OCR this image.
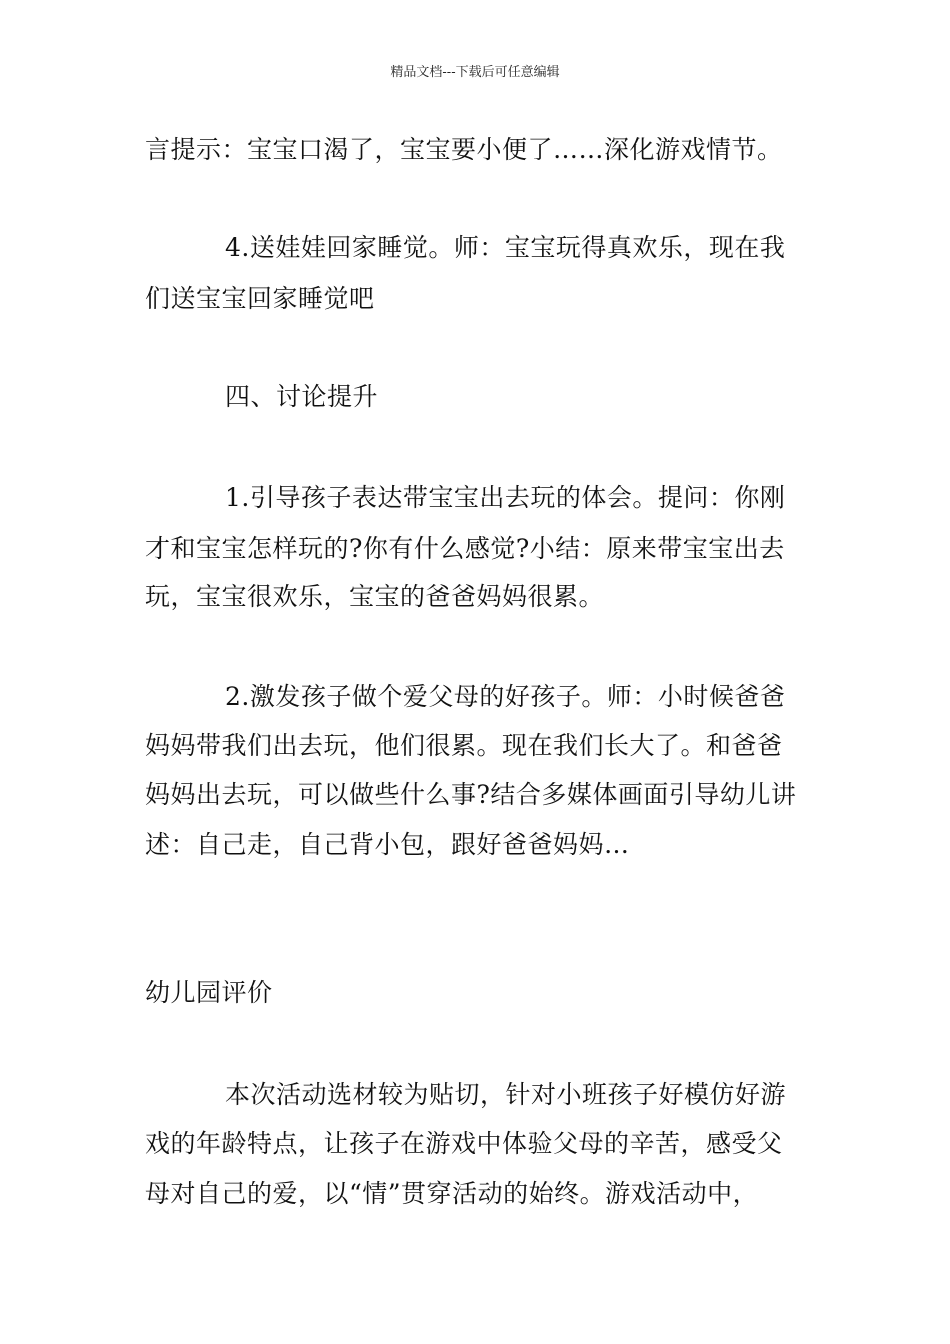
精品文档---下载后可任意编辑
言提示：宝宝口渴了，宝宝要小便了……深化游戏情节。
4.送娃娃回家睡觉。师：宝宝玩得真欢乐，现在我
们送宝宝回家睡觉吧
四、讨论提升
1.引导孩子表达带宝宝出去玩的体会。提问：你刚
才和宝宝怎样玩的?你有什么感觉?小结：原来带宝宝出去
玩，宝宝很欢乐，宝宝的爸爸妈妈很累。
2.激发孩子做个爱父母的好孩子。师：小时候爸爸
妈妈带我们出去玩，他们很累。现在我们长大了。和爸爸
妈妈出去玩，可以做些什么事?结合多媒体画面引导幼儿讲
述：自己走，自己背小包，跟好爸爸妈妈…
幼儿园评价
本次活动选材较为贴切，针对小班孩子好模仿好游
戏的年龄特点，让孩子在游戏中体验父母的辛苦，感受父
母对自己的爱，以“情”贯穿活动的始终。游戏活动中，
